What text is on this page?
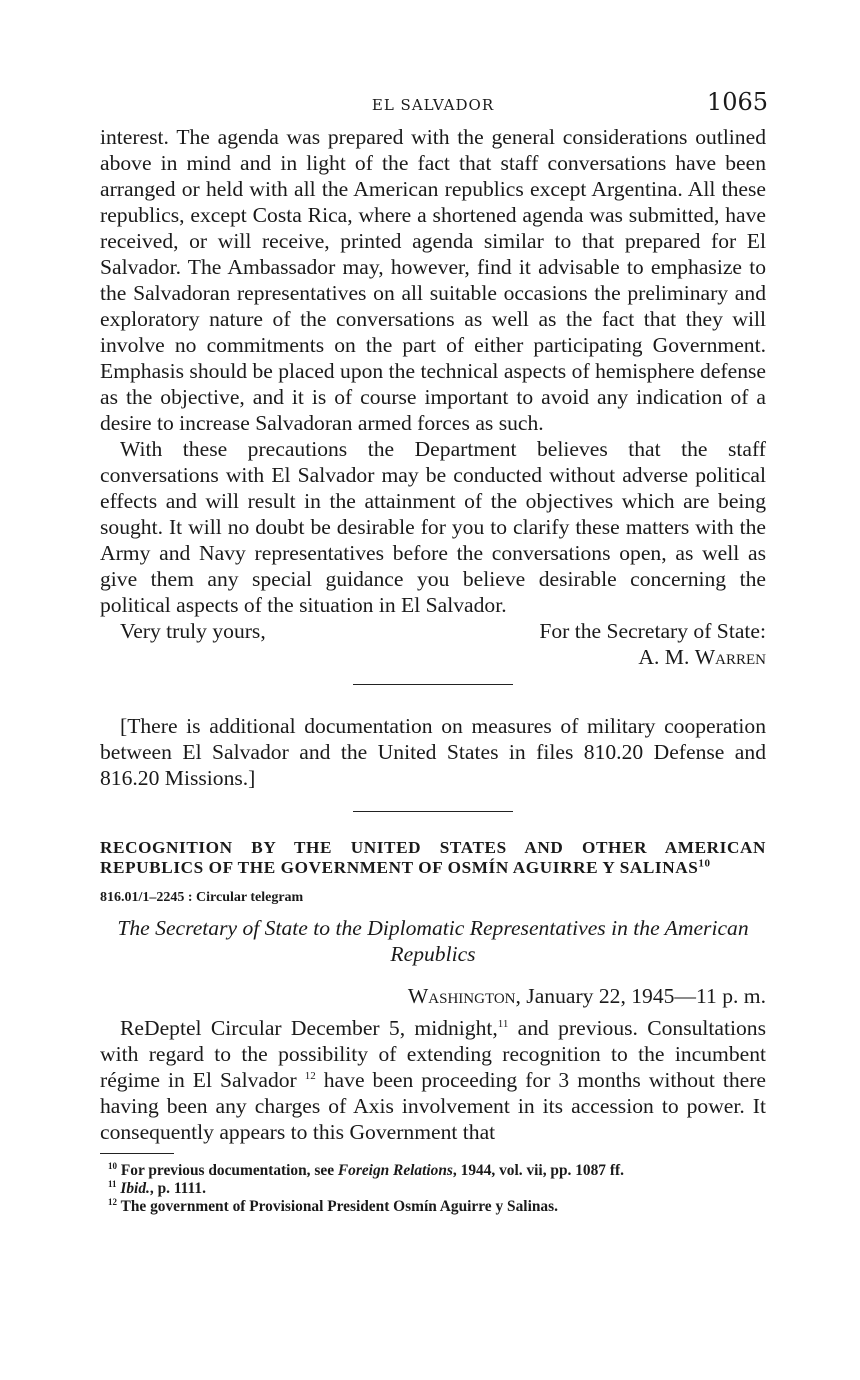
EL SALVADOR	1065

interest. The agenda was prepared with the general considerations outlined above in mind and in light of the fact that staff conversations have been arranged or held with all the American republics except Argentina. All these republics, except Costa Rica, where a shortened agenda was submitted, have received, or will receive, printed agenda similar to that prepared for El Salvador. The Ambassador may, however, find it advisable to emphasize to the Salvadoran representatives on all suitable occasions the preliminary and exploratory nature of the conversations as well as the fact that they will involve no commitments on the part of either participating Government. Emphasis should be placed upon the technical aspects of hemisphere defense as the objective, and it is of course important to avoid any indication of a desire to increase Salvadoran armed forces as such.

With these precautions the Department believes that the staff conversations with El Salvador may be conducted without adverse political effects and will result in the attainment of the objectives which are being sought. It will no doubt be desirable for you to clarify these matters with the Army and Navy representatives before the conversations open, as well as give them any special guidance you believe desirable concerning the political aspects of the situation in El Salvador.

Very truly yours,	For the Secretary of State:
A. M. Warren

[There is additional documentation on measures of military cooperation between El Salvador and the United States in files 810.20 Defense and 816.20 Missions.]

RECOGNITION BY THE UNITED STATES AND OTHER AMERICAN REPUBLICS OF THE GOVERNMENT OF OSMÍN AGUIRRE Y SALINAS$^{10}$

816.01/1–2245 : Circular telegram

The Secretary of State to the Diplomatic Representatives in the American Republics

Washington, January 22, 1945—11 p. m.

ReDeptel Circular December 5, midnight,$^{11}$ and previous. Consultations with regard to the possibility of extending recognition to the incumbent régime in El Salvador $^{12}$ have been proceeding for 3 months without there having been any charges of Axis involvement in its accession to power. It consequently appears to this Government that

$^{10}$ For previous documentation, see Foreign Relations, 1944, vol. vii, pp. 1087 ff.
$^{11}$ Ibid., p. 1111.
$^{12}$ The government of Provisional President Osmín Aguirre y Salinas.
